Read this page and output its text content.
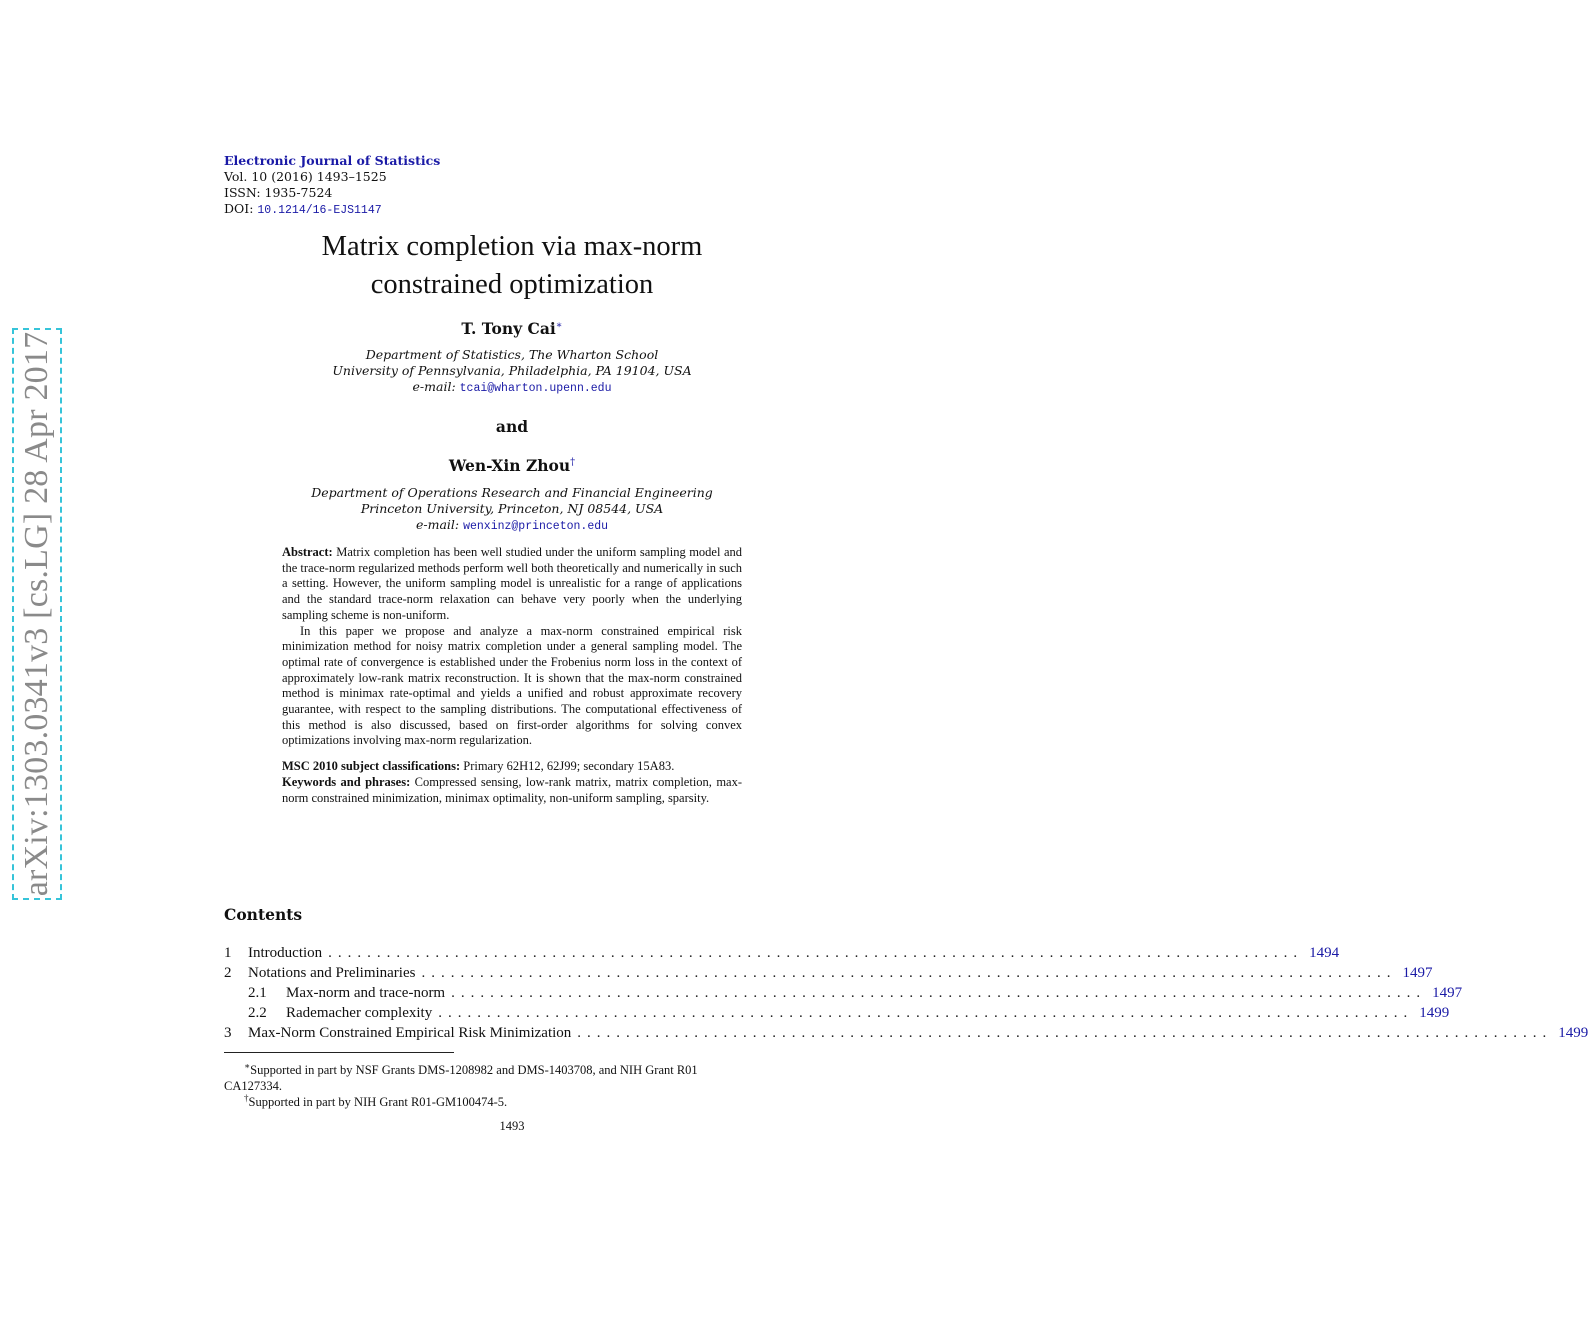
arXiv:1303.0341v3 [cs.LG] 28 Apr 2017
Electronic Journal of Statistics
Vol. 10 (2016) 1493–1525
ISSN: 1935-7524
DOI: 10.1214/16-EJS1147
Matrix completion via max-norm
constrained optimization
T. Tony Cai∗
Department of Statistics, The Wharton School
University of Pennsylvania, Philadelphia, PA 19104, USA
e-mail: tcai@wharton.upenn.edu
and
Wen-Xin Zhou†
Department of Operations Research and Financial Engineering
Princeton University, Princeton, NJ 08544, USA
e-mail: wenxinz@princeton.edu

Abstract: Matrix completion has been well studied under the uniform sampling model and the trace-norm regularized methods perform well both theoretically and numerically in such a setting. However, the uniform sampling model is unrealistic for a range of applications and the standard trace-norm relaxation can behave very poorly when the underlying sampling scheme is non-uniform.

In this paper we propose and analyze a max-norm constrained empirical risk minimization method for noisy matrix completion under a general sampling model. The optimal rate of convergence is established under the Frobenius norm loss in the context of approximately low-rank matrix reconstruction. It is shown that the max-norm constrained method is minimax rate-optimal and yields a unified and robust approximate recovery guarantee, with respect to the sampling distributions. The computational effectiveness of this method is also discussed, based on first-order algorithms for solving convex optimizations involving max-norm regularization.

MSC 2010 subject classifications: Primary 62H12, 62J99; secondary 15A83.

Keywords and phrases: Compressed sensing, low-rank matrix, matrix completion, max-norm constrained minimization, minimax optimality, non-uniform sampling, sparsity.

Contents
1	Introduction .................................................................................................... 1494
2	Notations and Preliminaries .................................................................................................... 1497
2.1	Max-norm and trace-norm .................................................................................................... 1497
2.2	Rademacher complexity .................................................................................................... 1499
3	Max-Norm Constrained Empirical Risk Minimization .................................................................................................... 1499
∗Supported in part by NSF Grants DMS-1208982 and DMS-1403708, and NIH Grant R01
CA127334.
†Supported in part by NIH Grant R01-GM100474-5.
1493
